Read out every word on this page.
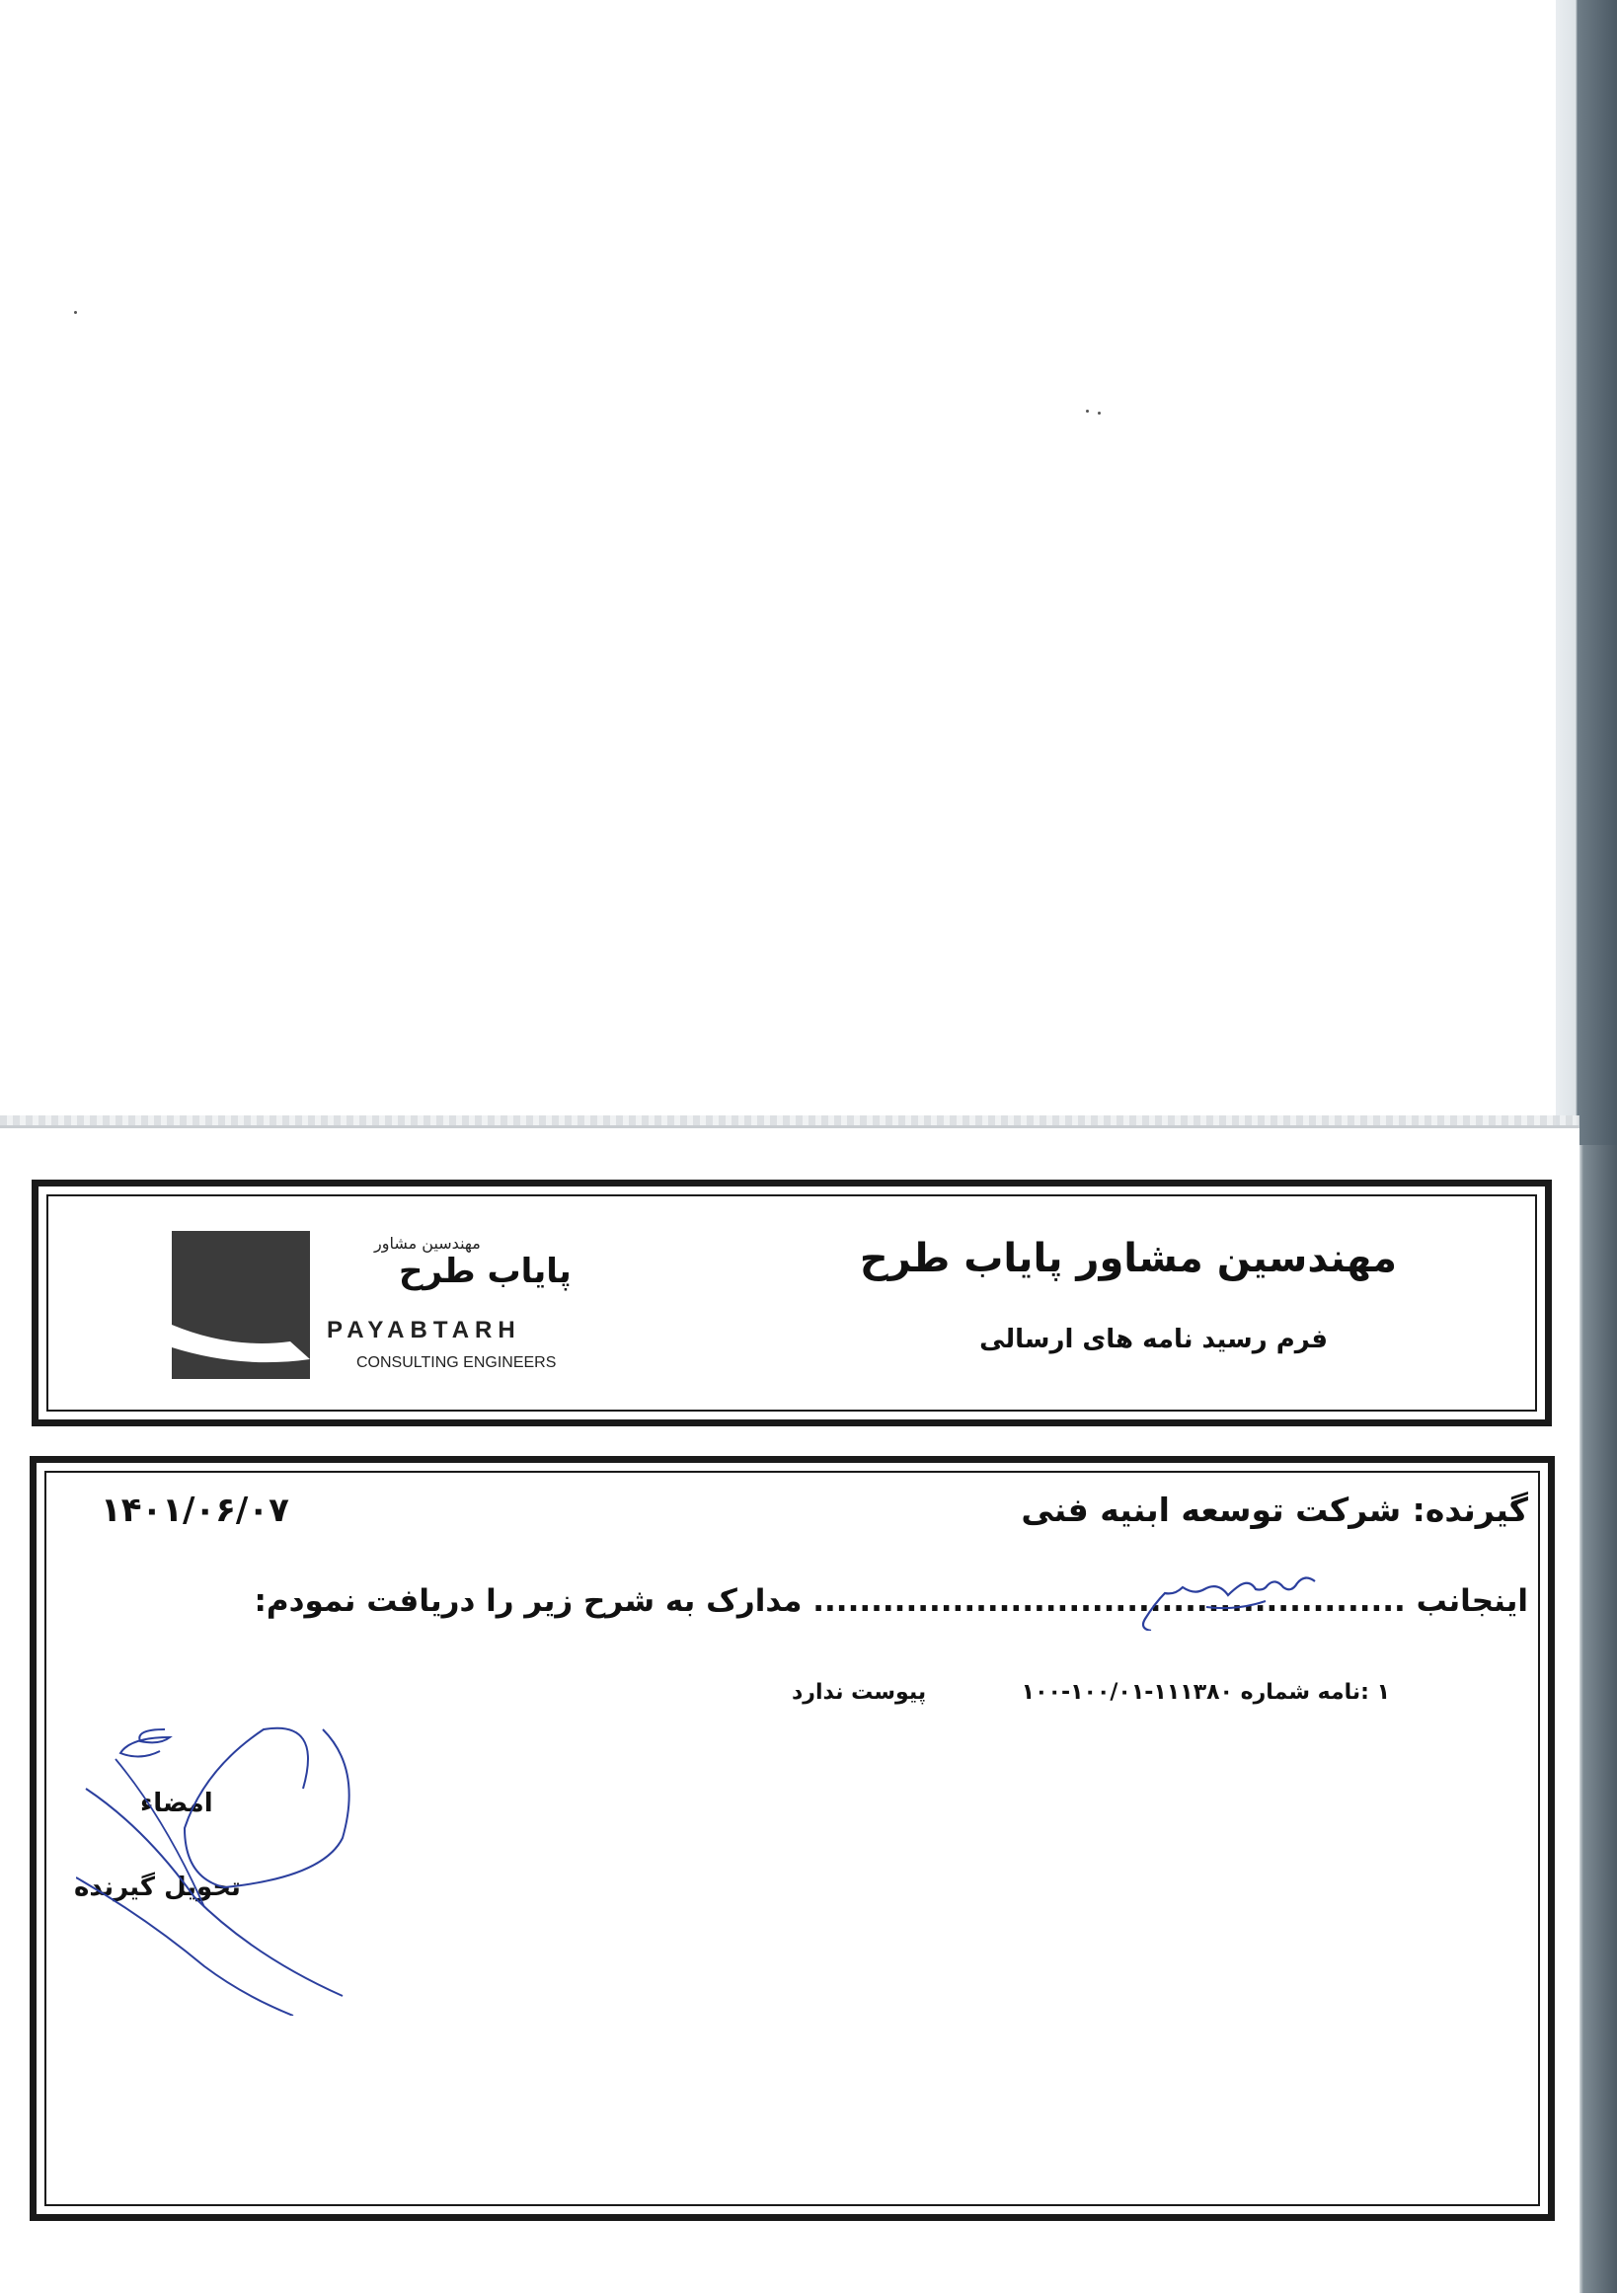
مهندسین مشاور
پایاب طرح
PAYABTARH
CONSULTING ENGINEERS
مهندسین مشاور پایاب طرح
فرم رسید نامه های ارسالی
۱۴۰۱/۰۶/۰۷	گیرنده: شرکت توسعه ابنیه فنی
اینجانب ................................................... مدارک به شرح زیر را دریافت نمودم:
۱ :نامه شماره ۱۱۱۳۸۰-۱۰۰/۰۱-۱۰۰
پیوست ندارد
امضاء
تحویل گیرنده
